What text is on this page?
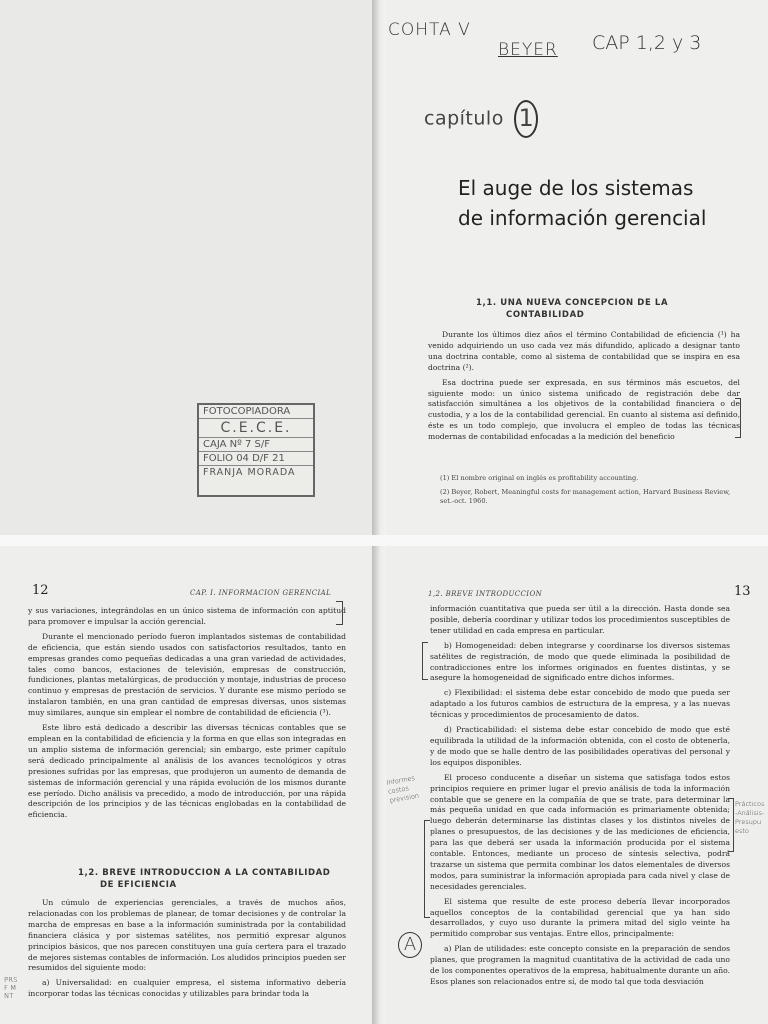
COHTA V
BEYER CAP 1,2 y 3
capítulo 1
El auge de los sistemas
de información gerencial
1,1. UNA NUEVA CONCEPCION DE LA
CONTABILIDAD

Durante los últimos diez años el término Contabilidad de eficiencia (¹) ha venido adquiriendo un uso cada vez más difundido, aplicado a designar tanto una doctrina contable, como al sistema de contabilidad que se inspira en esa doctrina (²).

Esa doctrina puede ser expresada, en sus términos más escuetos, del siguiente modo: un único sistema unificado de registración debe dar satisfacción simultánea a los objetivos de la contabilidad financiera o de custodia, y a los de la contabilidad gerencial. En cuanto al sistema así definido, éste es un todo complejo, que involucra el empleo de todas las técnicas modernas de contabilidad enfocadas a la medición del beneficio

(1) El nombre original en inglés es profitability accounting.
(2) Beyer, Robert, Meaningful costs for management action, Harvard Business Review, set.-oct. 1960.
FOTOCOPIADORA
C.E.C.E.
CAJA Nº 7 S/F
FOLIO 04 D/F 21
FRANJA MORADA
12	CAP. I. INFORMACION GERENCIAL

y sus variaciones, integrándolas en un único sistema de información con aptitud para promover e impulsar la acción gerencial.

Durante el mencionado período fueron implantados sistemas de contabilidad de eficiencia, que están siendo usados con satisfactorios resultados, tanto en empresas grandes como pequeñas dedicadas a una gran variedad de actividades, tales como bancos, estaciones de televisión, empresas de construcción, fundiciones, plantas metalúrgicas, de producción y montaje, industrias de proceso continuo y empresas de prestación de servicios. Y durante ese mismo período se instalaron también, en una gran cantidad de empresas diversas, unos sistemas muy similares, aunque sin emplear el nombre de contabilidad de eficiencia (³).

Este libro está dedicado a describir las diversas técnicas contables que se emplean en la contabilidad de eficiencia y la forma en que ellas son integradas en un amplio sistema de información gerencial; sin embargo, este primer capítulo será dedicado principalmente al análisis de los avances tecnológicos y otras presiones sufridas por las empresas, que produjeron un aumento de demanda de sistemas de información gerencial y una rápida evolución de los mismos durante ese período. Dicho análisis va precedido, a modo de introducción, por una rápida descripción de los principios y de las técnicas englobadas en la contabilidad de eficiencia.

1,2. BREVE INTRODUCCION A LA CONTABILIDAD
DE EFICIENCIA

Un cúmulo de experiencias gerenciales, a través de muchos años, relacionadas con los problemas de planear, de tomar decisiones y de controlar la marcha de empresas en base a la información suministrada por la contabilidad financiera clásica y por sistemas satélites, nos permitió expresar algunos principios básicos, que nos parecen constituyen una guía certera para el trazado de mejores sistemas contables de información. Los aludidos principios pueden ser resumidos del siguiente modo:

a) Universalidad: en cualquier empresa, el sistema informativo debería incorporar todas las técnicas conocidas y utilizables para brindar toda la

PRS F M NT
1,2. BREVE INTRODUCCION	13

información cuantitativa que pueda ser útil a la dirección. Hasta donde sea posible, debería coordinar y utilizar todos los procedimientos susceptibles de tener utilidad en cada empresa en particular.

b) Homogeneidad: deben integrarse y coordinarse los diversos sistemas satélites de registración, de modo que quede eliminada la posibilidad de contradicciones entre los informes originados en fuentes distintas, y se asegure la homogeneidad de significado entre dichos informes.

c) Flexibilidad: el sistema debe estar concebido de modo que pueda ser adaptado a los futuros cambios de estructura de la empresa, y a las nuevas técnicas y procedimientos de procesamiento de datos.

d) Practicabilidad: el sistema debe estar concebido de modo que esté equilibrada la utilidad de la información obtenida, con el costo de obtenerla, y de modo que se halle dentro de las posibilidades operativas del personal y los equipos disponibles.

El proceso conducente a diseñar un sistema que satisfaga todos estos principios requiere en primer lugar el previo análisis de toda la información contable que se genere en la compañía de que se trate, para determinar la más pequeña unidad en que cada información es primariamente obtenida; luego deberán determinarse las distintas clases y los distintos niveles de planes o presupuestos, de las decisiones y de las mediciones de eficiencia, para las que deberá ser usada la información producida por el sistema contable. Entonces, mediante un proceso de síntesis selectiva, podrá trazarse un sistema que permita combinar los datos elementales de diversos modos, para suministrar la información apropiada para cada nivel y clase de necesidades gerenciales.

El sistema que resulte de este proceso debería llevar incorporados aquellos conceptos de la contabilidad gerencial que ya han sido desarrollados, y cuyo uso durante la primera mitad del siglo veinte ha permitido comprobar sus ventajas. Entre ellos, principalmente:

a) Plan de utilidades: este concepto consiste en la preparación de sendos planes, que programen la magnitud cuantitativa de la actividad de cada uno de los componentes operativos de la empresa, habitualmente durante un año. Esos planes son relacionados entre sí, de modo tal que toda desviación

Prácticos-Análisis-Presupuesto
Informes costos prevision
A
